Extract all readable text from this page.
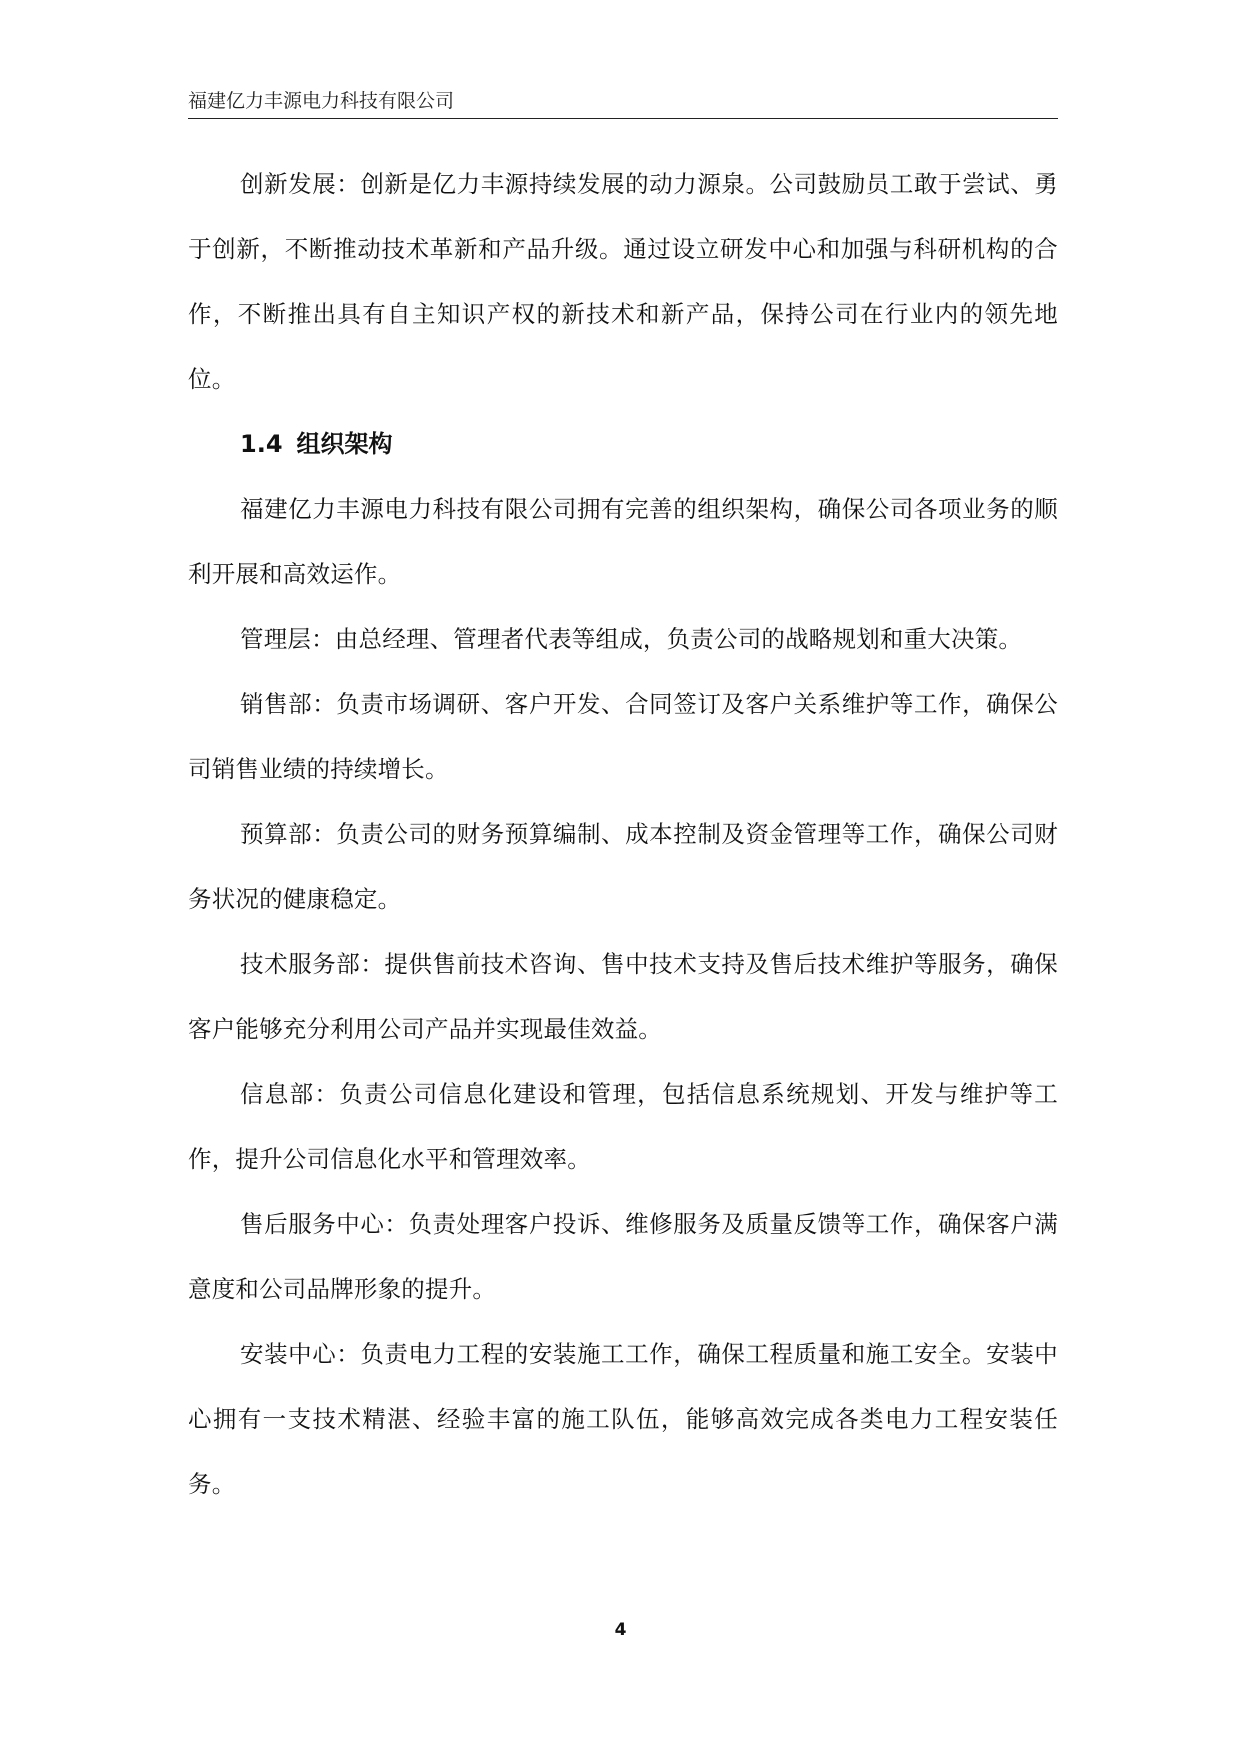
福建亿力丰源电力科技有限公司

创新发展：创新是亿力丰源持续发展的动力源泉。公司鼓励员工敢于尝试、勇于创新，不断推动技术革新和产品升级。通过设立研发中心和加强与科研机构的合作，不断推出具有自主知识产权的新技术和新产品，保持公司在行业内的领先地位。

1.4 组织架构

福建亿力丰源电力科技有限公司拥有完善的组织架构，确保公司各项业务的顺利开展和高效运作。

管理层：由总经理、管理者代表等组成，负责公司的战略规划和重大决策。

销售部：负责市场调研、客户开发、合同签订及客户关系维护等工作，确保公司销售业绩的持续增长。

预算部：负责公司的财务预算编制、成本控制及资金管理等工作，确保公司财务状况的健康稳定。

技术服务部：提供售前技术咨询、售中技术支持及售后技术维护等服务，确保客户能够充分利用公司产品并实现最佳效益。

信息部：负责公司信息化建设和管理，包括信息系统规划、开发与维护等工作，提升公司信息化水平和管理效率。

售后服务中心：负责处理客户投诉、维修服务及质量反馈等工作，确保客户满意度和公司品牌形象的提升。

安装中心：负责电力工程的安装施工工作，确保工程质量和施工安全。安装中心拥有一支技术精湛、经验丰富的施工队伍，能够高效完成各类电力工程安装任务。

4
